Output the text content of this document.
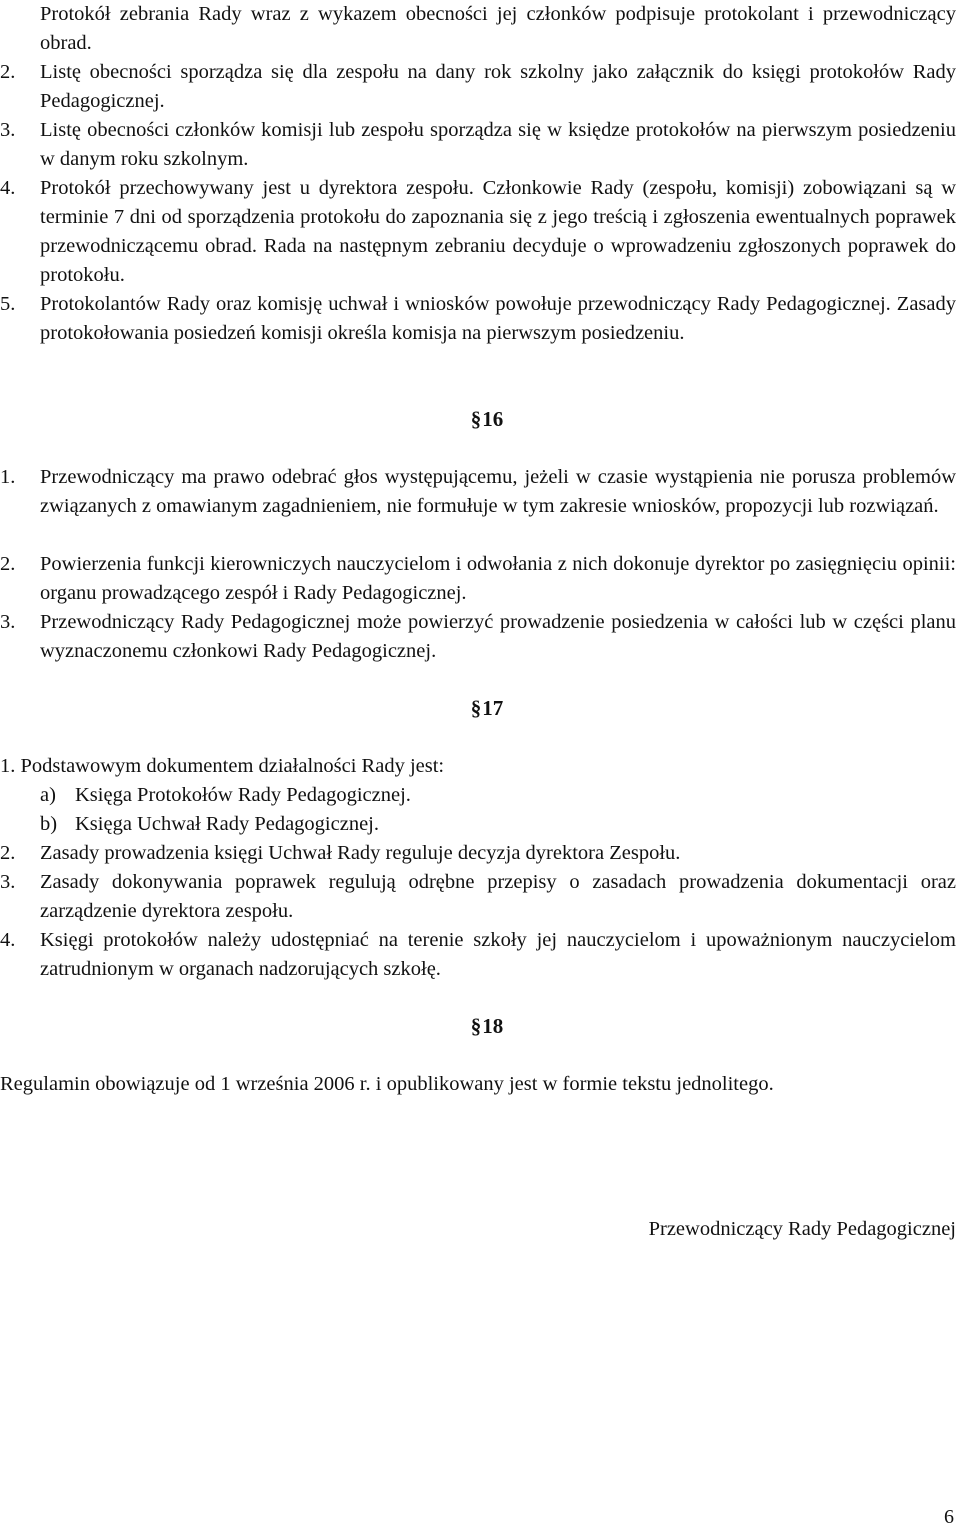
Protokół zebrania Rady wraz z wykazem obecności jej członków podpisuje protokolant i przewodniczący obrad.
2.	Listę obecności sporządza się dla zespołu na dany rok szkolny jako załącznik do księgi protokołów Rady Pedagogicznej.
3.	Listę obecności członków komisji lub zespołu sporządza się w księdze protokołów na pierwszym posiedzeniu w danym roku szkolnym.
4.	Protokół przechowywany jest u dyrektora zespołu. Członkowie Rady (zespołu, komisji) zobowiązani są w terminie 7 dni od sporządzenia protokołu do zapoznania się z jego treścią i zgłoszenia ewentualnych poprawek przewodniczącemu obrad. Rada na następnym zebraniu decyduje o wprowadzeniu zgłoszonych poprawek do protokołu.
5.	Protokolantów Rady oraz komisję uchwał i wniosków powołuje przewodniczący Rady Pedagogicznej. Zasady protokołowania posiedzeń komisji określa komisja na pierwszym posiedzeniu.
§ 16
1.	Przewodniczący ma prawo odebrać głos występującemu, jeżeli w czasie wystąpienia nie porusza problemów związanych z omawianym zagadnieniem, nie formułuje w tym zakresie wniosków, propozycji lub rozwiązań.
2.	Powierzenia funkcji kierowniczych nauczycielom i odwołania z nich dokonuje dyrektor po zasięgnięciu opinii: organu prowadzącego zespół i Rady Pedagogicznej.
3.	Przewodniczący Rady Pedagogicznej może powierzyć prowadzenie posiedzenia w całości lub w części planu wyznaczonemu członkowi Rady Pedagogicznej.
§ 17
1. Podstawowym dokumentem działalności Rady jest:
a) Księga Protokołów Rady Pedagogicznej.
b) Księga Uchwał Rady Pedagogicznej.
2.	Zasady prowadzenia księgi Uchwał Rady reguluje decyzja dyrektora Zespołu.
3.	Zasady dokonywania poprawek regulują odrębne przepisy o zasadach prowadzenia dokumentacji oraz zarządzenie dyrektora zespołu.
4.	Księgi protokołów należy udostępniać na terenie szkoły jej nauczycielom i upoważnionym nauczycielom zatrudnionym w organach nadzorujących szkołę.
§ 18
Regulamin obowiązuje od 1 września 2006 r. i opublikowany jest w formie tekstu jednolitego.
Przewodniczący Rady Pedagogicznej
6
